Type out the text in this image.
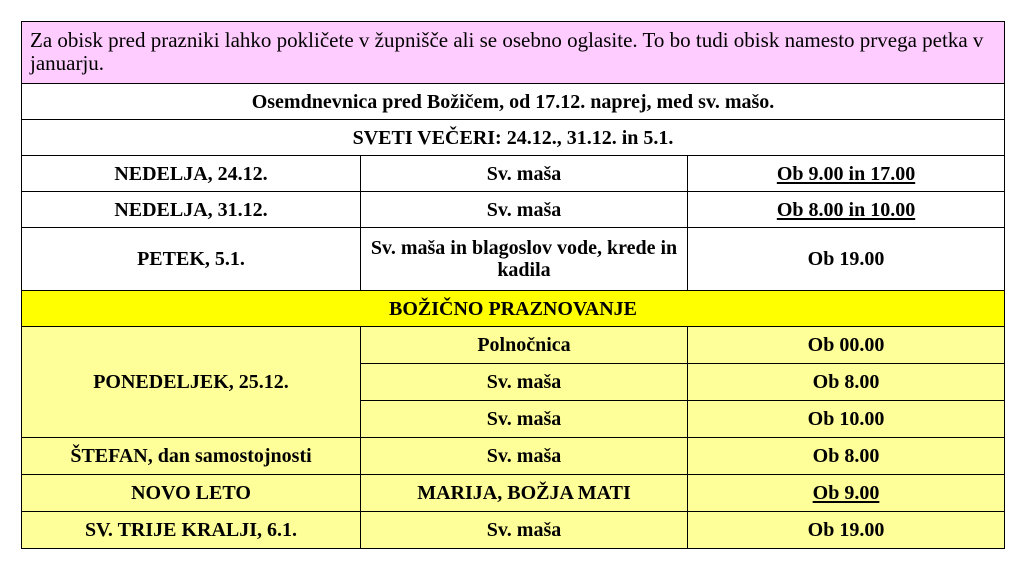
Za obisk pred prazniki lahko pokličete v župnišče ali se osebno oglasite. To bo tudi obisk namesto prvega petka v januarju.		
Osemdnevnica pred Božičem, od 17.12. naprej, med sv. mašo.		
SVETI VEČERI: 24.12., 31.12. in 5.1.		
NEDELJA, 24.12.	Sv. maša	Ob 9.00 in 17.00
NEDELJA, 31.12.	Sv. maša	Ob 8.00 in 10.00
PETEK, 5.1.	Sv. maša in blagoslov vode, krede in kadila	Ob 19.00
BOŽIČNO PRAZNOVANJE		
PONEDELJEK, 25.12.	Polnočnica	Ob 00.00
	Sv. maša	Ob 8.00
	Sv. maša	Ob 10.00
ŠTEFAN, dan samostojnosti	Sv. maša	Ob 8.00
NOVO LETO	MARIJA, BOŽJA MATI	Ob 9.00
SV. TRIJE KRALJI, 6.1.	Sv. maša	Ob 19.00
